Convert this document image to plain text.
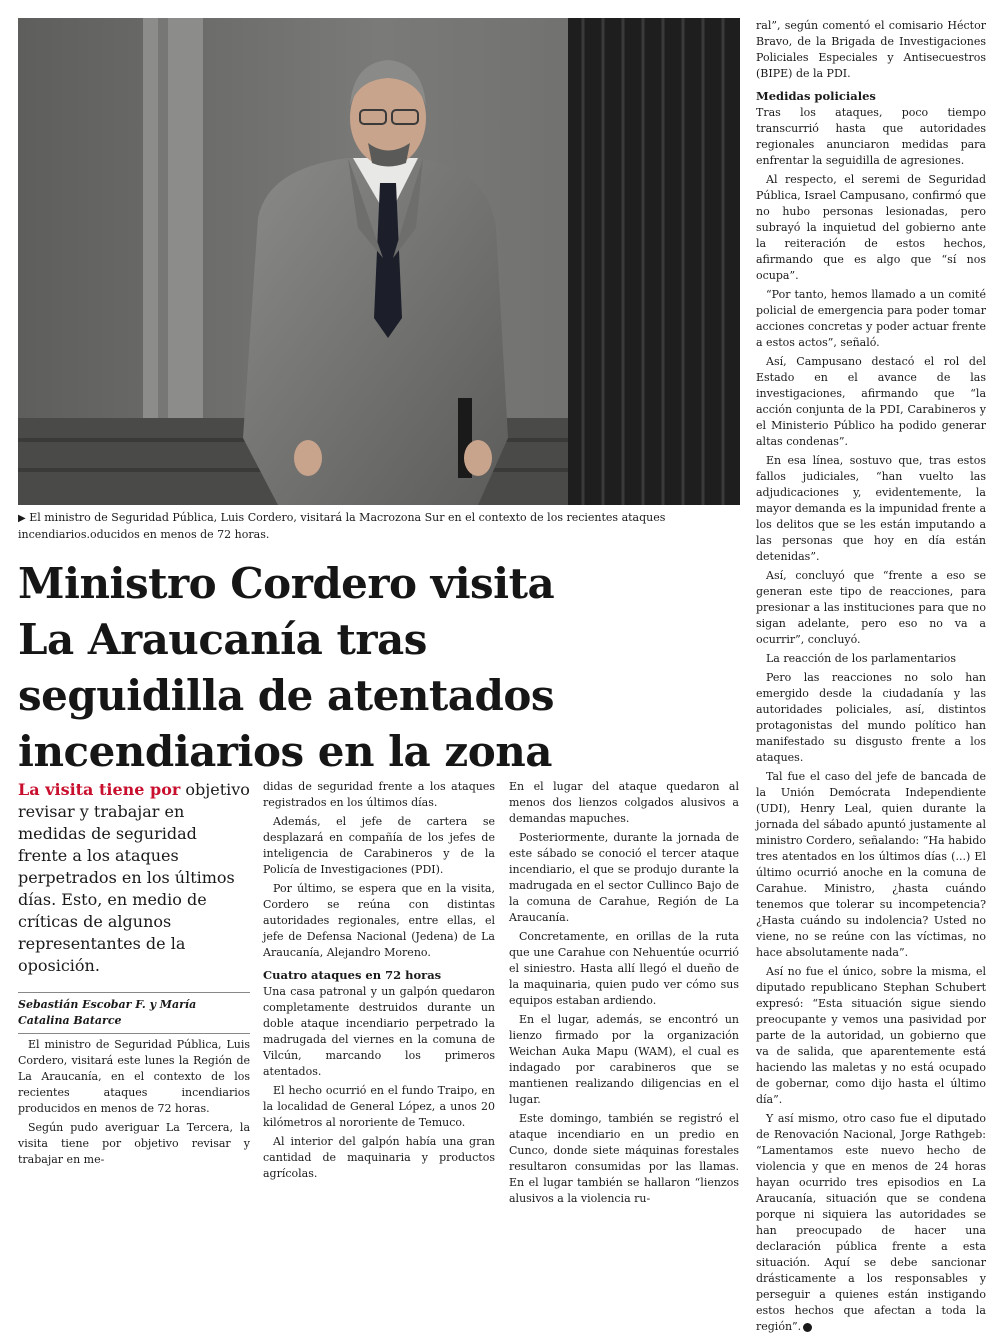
▶ El ministro de Seguridad Pública, Luis Cordero, visitará la Macrozona Sur en el contexto de los recientes ataques incendiarios.oducidos en menos de 72 horas.
Ministro Cordero visita La Araucanía tras seguidilla de atentados incendiarios en la zona

La visita tiene por objetivo revisar y trabajar en medidas de seguridad frente a los ataques perpetrados en los últimos días. Esto, en medio de críticas de algunos representantes de la oposición.

Sebastián Escobar F. y María Catalina Batarce

El ministro de Seguridad Pública, Luis Cordero, visitará este lunes la Región de La Araucanía, en el contexto de los recientes ataques incendiarios producidos en menos de 72 horas.

Según pudo averiguar La Tercera, la visita tiene por objetivo revisar y trabajar en me-

didas de seguridad frente a los ataques registrados en los últimos días.

Además, el jefe de cartera se desplazará en compañía de los jefes de inteligencia de Carabineros y de la Policía de Investigaciones (PDI).

Por último, se espera que en la visita, Cordero se reúna con distintas autoridades regionales, entre ellas, el jefe de Defensa Nacional (Jedena) de La Araucanía, Alejandro Moreno.

Cuatro ataques en 72 horas

Una casa patronal y un galpón quedaron completamente destruidos durante un doble ataque incendiario perpetrado la madrugada del viernes en la comuna de Vilcún, marcando los primeros atentados.

El hecho ocurrió en el fundo Traipo, en la localidad de General López, a unos 20 kilómetros al nororiente de Temuco.

Al interior del galpón había una gran cantidad de maquinaria y productos agrícolas.

En el lugar del ataque quedaron al menos dos lienzos colgados alusivos a demandas mapuches.

Posteriormente, durante la jornada de este sábado se conoció el tercer ataque incendiario, el que se produjo durante la madrugada en el sector Cullinco Bajo de la comuna de Carahue, Región de La Araucanía.

Concretamente, en orillas de la ruta que une Carahue con Nehuentúe ocurrió el siniestro. Hasta allí llegó el dueño de la maquinaria, quien pudo ver cómo sus equipos estaban ardiendo.

En el lugar, además, se encontró un lienzo firmado por la organización Weichan Auka Mapu (WAM), el cual es indagado por carabineros que se mantienen realizando diligencias en el lugar.

Este domingo, también se registró el ataque incendiario en un predio en Cunco, donde siete máquinas forestales resultaron consumidas por las llamas. En el lugar también se hallaron “lienzos alusivos a la violencia ru-

ral”, según comentó el comisario Héctor Bravo, de la Brigada de Investigaciones Policiales Especiales y Antisecuestros (BIPE) de la PDI.

Medidas policiales

Tras los ataques, poco tiempo transcurrió hasta que autoridades regionales anunciaron medidas para enfrentar la seguidilla de agresiones.

Al respecto, el seremi de Seguridad Pública, Israel Campusano, confirmó que no hubo personas lesionadas, pero subrayó la inquietud del gobierno ante la reiteración de estos hechos, afirmando que es algo que “sí nos ocupa”.

“Por tanto, hemos llamado a un comité policial de emergencia para poder tomar acciones concretas y poder actuar frente a estos actos”, señaló.

Así, Campusano destacó el rol del Estado en el avance de las investigaciones, afirmando que “la acción conjunta de la PDI, Carabineros y el Ministerio Público ha podido generar altas condenas”.

En esa línea, sostuvo que, tras estos fallos judiciales, “han vuelto las adjudicaciones y, evidentemente, la mayor demanda es la impunidad frente a los delitos que se les están imputando a las personas que hoy en día están detenidas”.

Así, concluyó que “frente a eso se generan este tipo de reacciones, para presionar a las instituciones para que no sigan adelante, pero eso no va a ocurrir”, concluyó.

La reacción de los parlamentarios

Pero las reacciones no solo han emergido desde la ciudadanía y las autoridades policiales, así, distintos protagonistas del mundo político han manifestado su disgusto frente a los ataques.

Tal fue el caso del jefe de bancada de la Unión Demócrata Independiente (UDI), Henry Leal, quien durante la jornada del sábado apuntó justamente al ministro Cordero, señalando: “Ha habido tres atentados en los últimos días (...) El último ocurrió anoche en la comuna de Carahue. Ministro, ¿hasta cuándo tenemos que tolerar su incompetencia? ¿Hasta cuándo su indolencia? Usted no viene, no se reúne con las víctimas, no hace absolutamente nada”.

Así no fue el único, sobre la misma, el diputado republicano Stephan Schubert expresó: “Esta situación sigue siendo preocupante y vemos una pasividad por parte de la autoridad, un gobierno que va de salida, que aparentemente está haciendo las maletas y no está ocupado de gobernar, como dijo hasta el último día”.

Y así mismo, otro caso fue el diputado de Renovación Nacional, Jorge Rathgeb: “Lamentamos este nuevo hecho de violencia y que en menos de 24 horas hayan ocurrido tres episodios en La Araucanía, situación que se condena porque ni siquiera las autoridades se han preocupado de hacer una declaración pública frente a esta situación. Aquí se debe sancionar drásticamente a los responsables y perseguir a quienes están instigando estos hechos que afectan a toda la región”.
